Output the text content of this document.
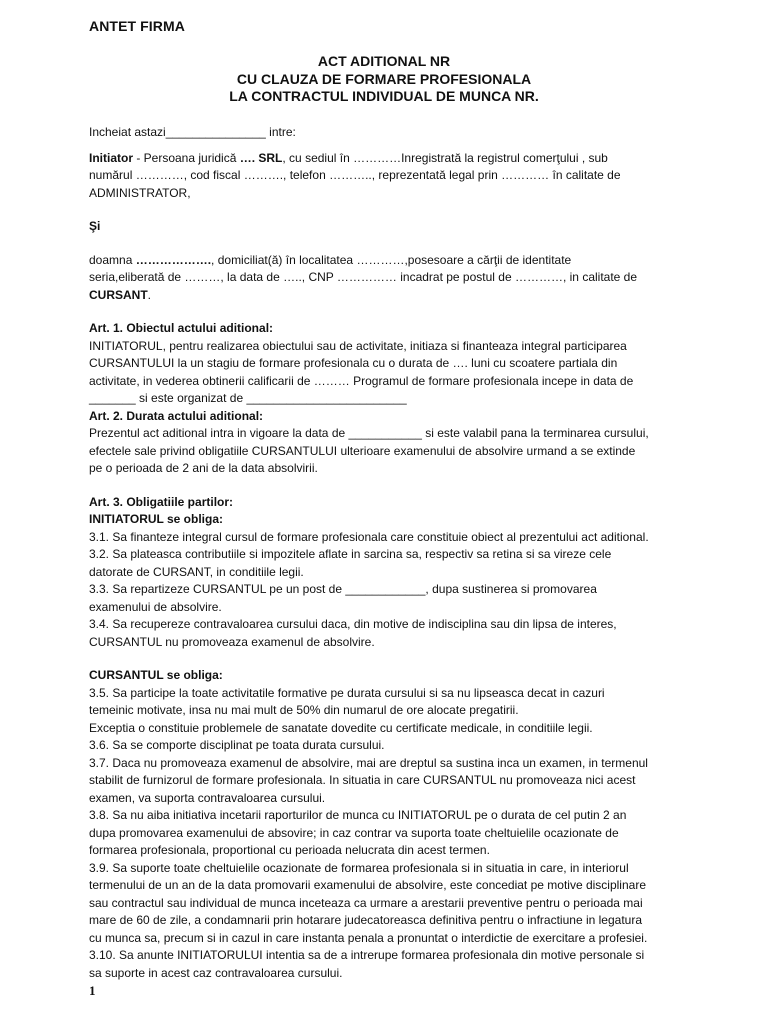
ANTET FIRMA
ACT ADITIONAL NR
CU CLAUZA DE FORMARE PROFESIONALA
LA CONTRACTUL INDIVIDUAL DE MUNCA NR.

Incheiat astazi_______________ intre:

Initiator - Persoana juridică …. SRL, cu sediul în …………Inregistrată la registrul comerţului , sub

numărul …………, cod fiscal ………., telefon ……….., reprezentată legal prin ………… în calitate de

ADMINISTRATOR,

Şi

doamna ………………., domiciliat(ă) în localitatea …………,posesoare a cărţii de identitate

seria,eliberată de ………, la data de ….., CNP …………… incadrat pe postul de …………, in calitate de

CURSANT.

Art. 1. Obiectul actului aditional:

INITIATORUL, pentru realizarea obiectului sau de activitate, initiaza si finanteaza integral participarea

CURSANTULUI la un stagiu de formare profesionala cu o durata de …. luni cu scoatere partiala din

activitate, in vederea obtinerii calificarii de ……… Programul de formare profesionala incepe in data de

_______ si este organizat de ________________________

Art. 2. Durata actului aditional:

Prezentul act aditional intra in vigoare la data de ___________ si este valabil pana la terminarea cursului,

efectele sale privind obligatiile CURSANTULUI ulterioare examenului de absolvire urmand a se extinde

pe o perioada de 2 ani de la data absolvirii.

Art. 3. Obligatiile partilor:

INITIATORUL se obliga:

3.1. Sa finanteze integral cursul de formare profesionala care constituie obiect al prezentului act aditional.

3.2. Sa plateasca contributiile si impozitele aflate in sarcina sa, respectiv sa retina si sa vireze cele

datorate de CURSANT, in conditiile legii.

3.3. Sa repartizeze CURSANTUL pe un post de ____________, dupa sustinerea si promovarea

examenului de absolvire.

3.4. Sa recupereze contravaloarea cursului daca, din motive de indisciplina sau din lipsa de interes,

CURSANTUL nu promoveaza examenul de absolvire.

CURSANTUL se obliga:

3.5. Sa participe la toate activitatile formative pe durata cursului si sa nu lipseasca decat in cazuri

temeinic motivate, insa nu mai mult de 50% din numarul de ore alocate pregatirii.

Exceptia o constituie problemele de sanatate dovedite cu certificate medicale, in conditiile legii.

3.6. Sa se comporte disciplinat pe toata durata cursului.

3.7. Daca nu promoveaza examenul de absolvire, mai are dreptul sa sustina inca un examen, in termenul

stabilit de furnizorul de formare profesionala. In situatia in care CURSANTUL nu promoveaza nici acest

examen, va suporta contravaloarea cursului.

3.8. Sa nu aiba initiativa incetarii raporturilor de munca cu INITIATORUL pe o durata de cel putin 2 an

dupa promovarea examenului de absovire; in caz contrar va suporta toate cheltuielile ocazionate de

formarea profesionala, proportional cu perioada nelucrata din acest termen.

3.9. Sa suporte toate cheltuielile ocazionate de formarea profesionala si in situatia in care, in interiorul

termenului de un an de la data promovarii examenului de absolvire, este concediat pe motive disciplinare

sau contractul sau individual de munca inceteaza ca urmare a arestarii preventive pentru o perioada mai

mare de 60 de zile, a condamnarii prin hotarare judecatoreasca definitiva pentru o infractiune in legatura

cu munca sa, precum si in cazul in care instanta penala a pronuntat o interdictie de exercitare a profesiei.

3.10. Sa anunte INITIATORULUI intentia sa de a intrerupe formarea profesionala din motive personale si

sa suporte in acest caz contravaloarea cursului.

1
